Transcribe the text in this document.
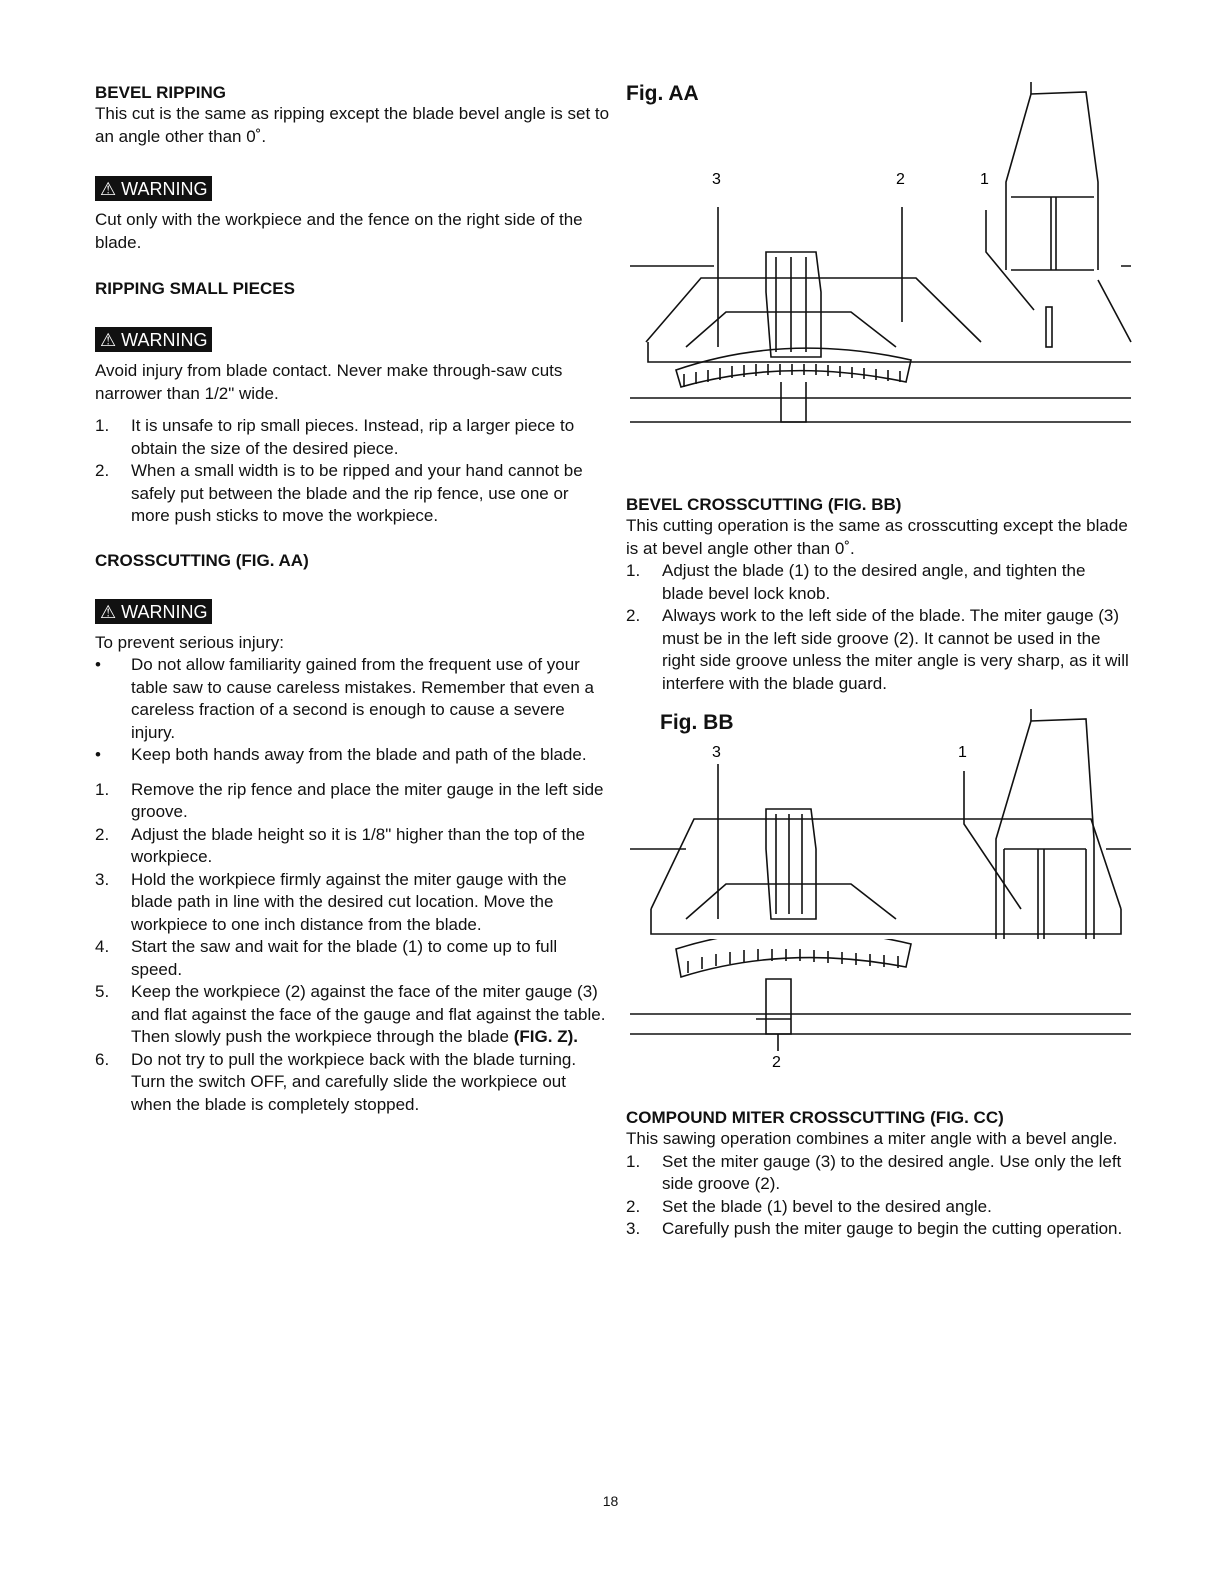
BEVEL RIPPING

This cut is the same as ripping except the blade bevel angle is set to an angle other than 0˚.

⚠ WARNING

Cut only with the workpiece and the fence on the right side of the blade.

RIPPING SMALL PIECES
⚠ WARNING

Avoid injury from blade contact. Never make through-saw cuts narrower than 1/2" wide.

1. It is unsafe to rip small pieces. Instead, rip a larger piece to obtain the size of the desired piece.
2. When a small width is to be ripped and your hand cannot be safely put between the blade and the rip fence, use one or more push sticks to move the workpiece.
CROSSCUTTING (FIG. AA)
⚠ WARNING

To prevent serious injury:

• Do not allow familiarity gained from the frequent use of your table saw to cause careless mistakes. Remember that even a careless fraction of a second is enough to cause a severe injury.
• Keep both hands away from the blade and path of the blade.
1. Remove the rip fence and place the miter gauge in the left side groove.
2. Adjust the blade height so it is 1/8" higher than the top of the workpiece.
3. Hold the workpiece firmly against the miter gauge with the blade path in line with the desired cut location. Move the workpiece to one inch distance from the blade.
4. Start the saw and wait for the blade (1) to come up to full speed.
5. Keep the workpiece (2) against the face of the miter gauge (3) and flat against the face of the gauge and flat against the table. Then slowly push the workpiece through the blade (FIG. Z).
6. Do not try to pull the workpiece back with the blade turning. Turn the switch OFF, and carefully slide the workpiece out when the blade is completely stopped.
Fig. AA
3	2	1
BEVEL CROSSCUTTING (FIG. BB)

This cutting operation is the same as crosscutting except the blade is at bevel angle other than 0˚.

1. Adjust the blade (1) to the desired angle, and tighten the blade bevel lock knob.
2. Always work to the left side of the blade. The miter gauge (3) must be in the left side groove (2). It cannot be used in the right side groove unless the miter angle is very sharp, as it will interfere with the blade guard.
Fig. BB
3	1
2
COMPOUND MITER CROSSCUTTING (FIG. CC)

This sawing operation combines a miter angle with a bevel angle.

1. Set the miter gauge (3) to the desired angle. Use only the left side groove (2).
2. Set the blade (1) bevel to the desired angle.
3. Carefully push the miter gauge to begin the cutting operation.
18
